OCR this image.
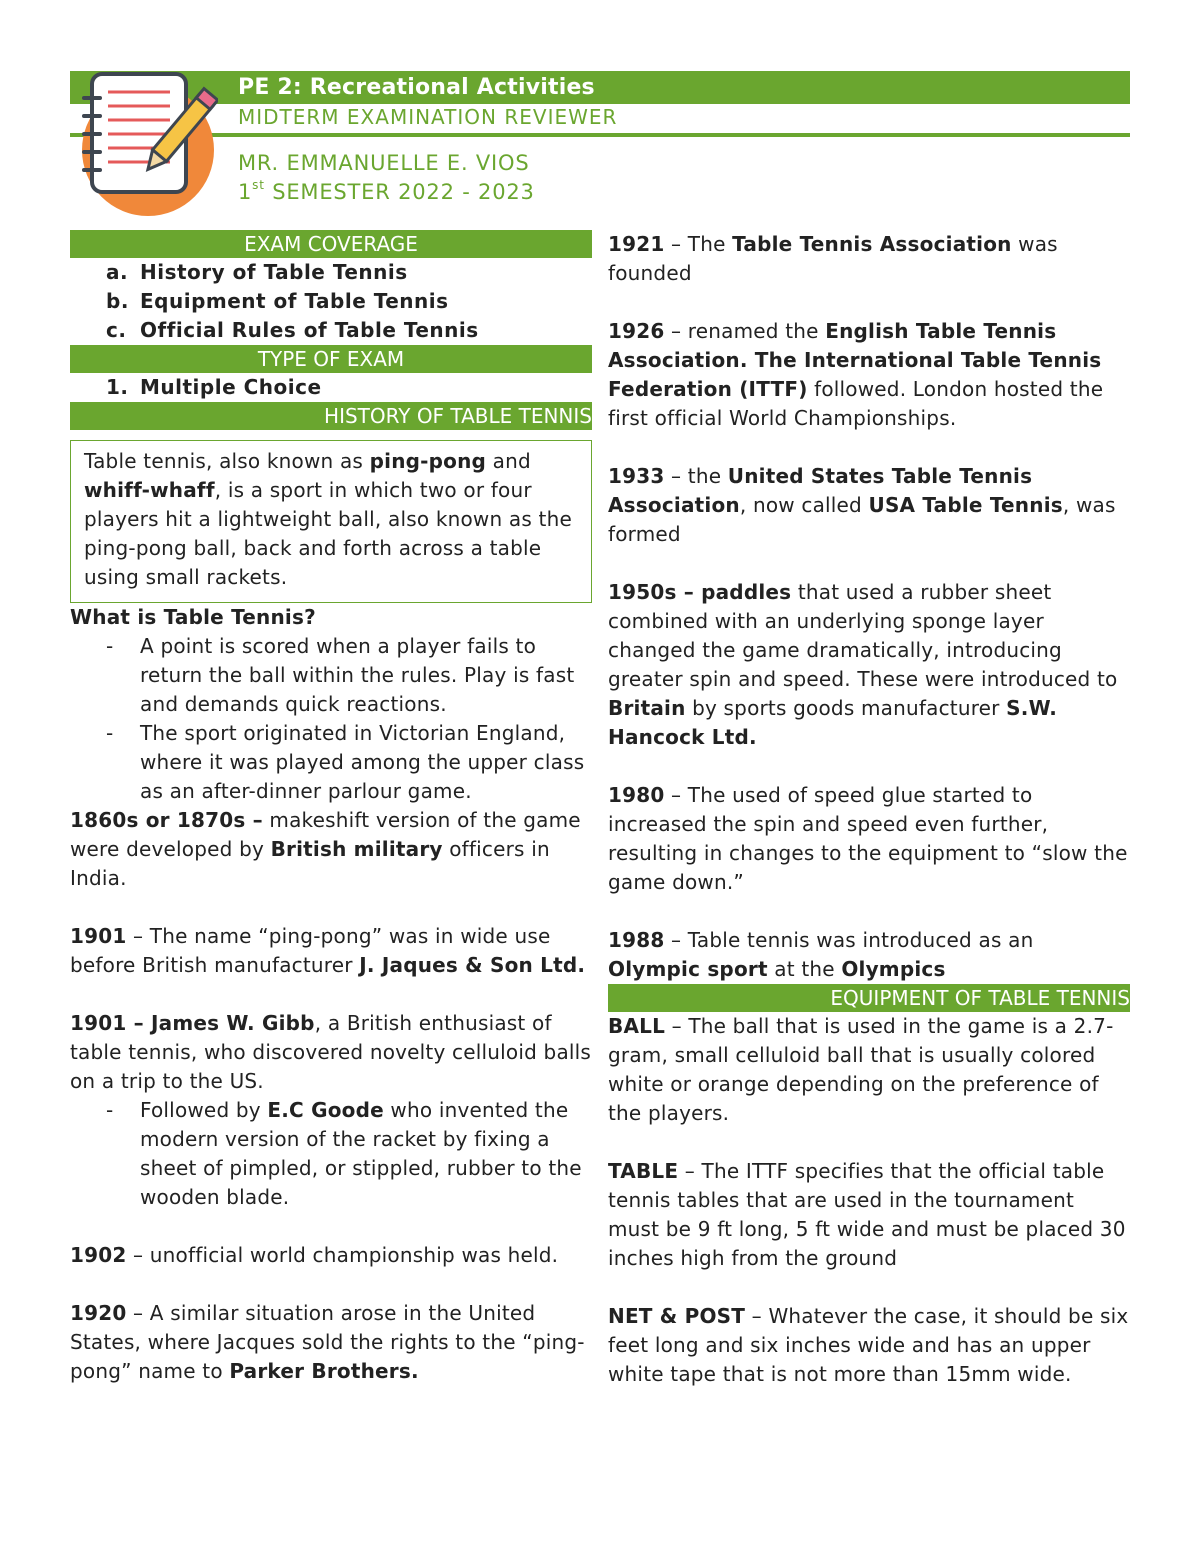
PE 2: Recreational Activities
MIDTERM EXAMINATION REVIEWER
MR. EMMANUELLE E. VIOS
1st SEMESTER 2022 - 2023
EXAM COVERAGE
a. History of Table Tennis
b. Equipment of Table Tennis
c. Official Rules of Table Tennis
TYPE OF EXAM
1. Multiple Choice
HISTORY OF TABLE TENNIS

Table tennis, also known as ping-pong and whiff-whaff, is a sport in which two or four players hit a lightweight ball, also known as the ping-pong ball, back and forth across a table using small rackets.

What is Table Tennis?

- A point is scored when a player fails to return the ball within the rules. Play is fast and demands quick reactions.
- The sport originated in Victorian England, where it was played among the upper class as an after-dinner parlour game.

1860s or 1870s – makeshift version of the game were developed by British military officers in India.

1901 – The name “ping-pong” was in wide use before British manufacturer J. Jaques & Son Ltd.

1901 – James W. Gibb, a British enthusiast of table tennis, who discovered novelty celluloid balls on a trip to the US.

- Followed by E.C Goode who invented the modern version of the racket by fixing a sheet of pimpled, or stippled, rubber to the wooden blade.

1902 – unofficial world championship was held.

1920 – A similar situation arose in the United States, where Jacques sold the rights to the “ping-pong” name to Parker Brothers.

1921 – The Table Tennis Association was founded

1926 – renamed the English Table Tennis Association. The International Table Tennis Federation (ITTF) followed. London hosted the first official World Championships.

1933 – the United States Table Tennis Association, now called USA Table Tennis, was formed

1950s – paddles that used a rubber sheet combined with an underlying sponge layer changed the game dramatically, introducing greater spin and speed. These were introduced to Britain by sports goods manufacturer S.W. Hancock Ltd.

1980 – The used of speed glue started to increased the spin and speed even further, resulting in changes to the equipment to “slow the game down.”

1988 – Table tennis was introduced as an Olympic sport at the Olympics

EQUIPMENT OF TABLE TENNIS

BALL – The ball that is used in the game is a 2.7-gram, small celluloid ball that is usually colored white or orange depending on the preference of the players.

TABLE – The ITTF specifies that the official table tennis tables that are used in the tournament must be 9 ft long, 5 ft wide and must be placed 30 inches high from the ground

NET & POST – Whatever the case, it should be six feet long and six inches wide and has an upper white tape that is not more than 15mm wide.
